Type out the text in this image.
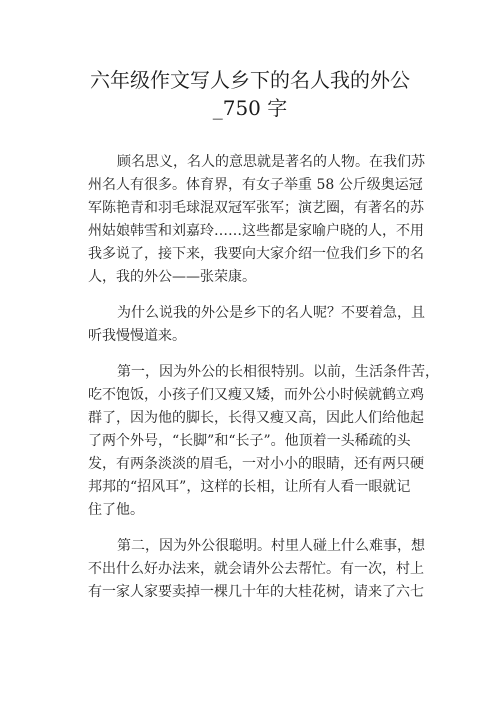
六年级作文写人乡下的名人我的外公
_750 字
顾名思义，名人的意思就是著名的人物。在我们苏
州名人有很多。体育界，有女子举重 58 公斤级奥运冠
军陈艳青和羽毛球混双冠军张军；演艺圈，有著名的苏
州姑娘韩雪和刘嘉玲……这些都是家喻户晓的人，不用
我多说了，接下来，我要向大家介绍一位我们乡下的名
人，我的外公——张荣康。
为什么说我的外公是乡下的名人呢？不要着急，且
听我慢慢道来。
第一，因为外公的长相很特别。以前，生活条件苦，
吃不饱饭，小孩子们又瘦又矮，而外公小时候就鹤立鸡
群了，因为他的脚长，长得又瘦又高，因此人们给他起
了两个外号，“长脚”和“长子”。他顶着一头稀疏的头
发，有两条淡淡的眉毛，一对小小的眼睛，还有两只硬
邦邦的“招风耳”，这样的长相，让所有人看一眼就记
住了他。
第二，因为外公很聪明。村里人碰上什么难事，想
不出什么好办法来，就会请外公去帮忙。有一次，村上
有一家人家要卖掉一棵几十年的大桂花树，请来了六七
